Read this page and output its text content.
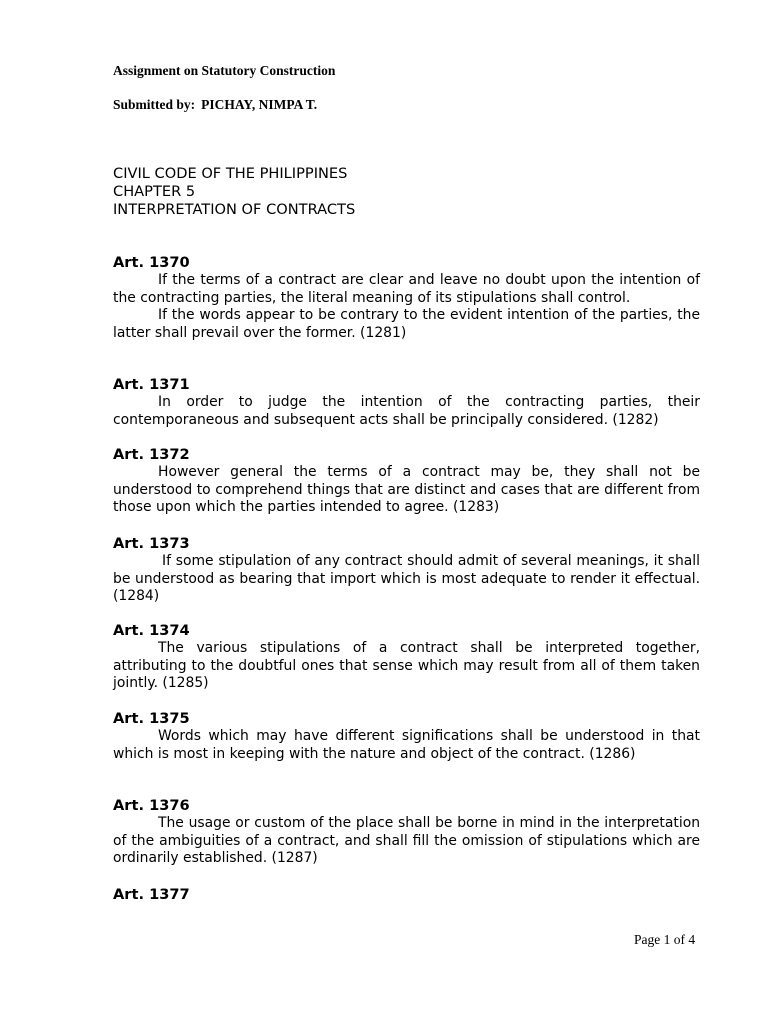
Assignment on Statutory Construction
Submitted by: PICHAY, NIMPA T.
CIVIL CODE OF THE PHILIPPINES
CHAPTER 5
INTERPRETATION OF CONTRACTS
Art. 1370

If the terms of a contract are clear and leave no doubt upon the intention of the contracting parties, the literal meaning of its stipulations shall control.

If the words appear to be contrary to the evident intention of the parties, the latter shall prevail over the former. (1281)

Art. 1371

In order to judge the intention of the contracting parties, their contemporaneous and subsequent acts shall be principally considered. (1282)

Art. 1372

However general the terms of a contract may be, they shall not be understood to comprehend things that are distinct and cases that are different from those upon which the parties intended to agree. (1283)

Art. 1373

If some stipulation of any contract should admit of several meanings, it shall be understood as bearing that import which is most adequate to render it effectual. (1284)

Art. 1374

The various stipulations of a contract shall be interpreted together, attributing to the doubtful ones that sense which may result from all of them taken jointly. (1285)

Art. 1375

Words which may have different significations shall be understood in that which is most in keeping with the nature and object of the contract. (1286)

Art. 1376

The usage or custom of the place shall be borne in mind in the interpretation of the ambiguities of a contract, and shall fill the omission of stipulations which are ordinarily established. (1287)

Art. 1377
Page 1 of 4
